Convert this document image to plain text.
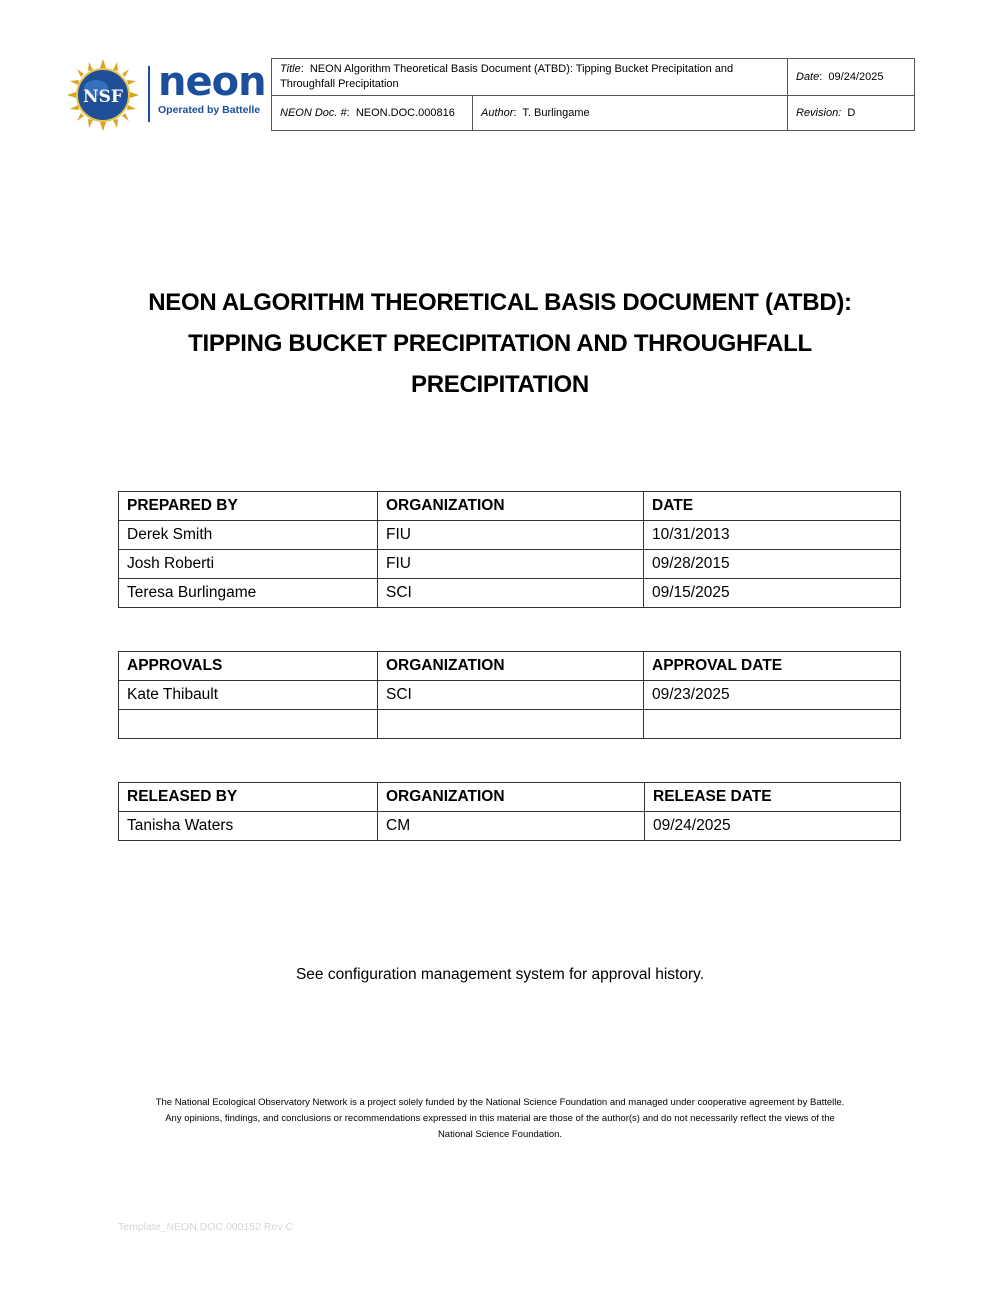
NSF neon
Operated by Battelle
Title:  NEON Algorithm Theoretical Basis Document (ATBD): Tipping Bucket Precipitation and Throughfall Precipitation		Date:  09/24/2025
NEON Doc. #:  NEON.DOC.000816	Author:  T. Burlingame	Revision: D
NEON ALGORITHM THEORETICAL BASIS DOCUMENT (ATBD): TIPPING BUCKET PRECIPITATION AND THROUGHFALL PRECIPITATION
PREPARED BY	ORGANIZATION	DATE
Derek Smith	FIU	10/31/2013
Josh Roberti	FIU	09/28/2015
Teresa Burlingame	SCI	09/15/2025
APPROVALS	ORGANIZATION	APPROVAL DATE
Kate Thibault	SCI	09/23/2025

RELEASED BY	ORGANIZATION	RELEASE DATE
Tanisha Waters	CM	09/24/2025
See configuration management system for approval history.
The National Ecological Observatory Network is a project solely funded by the National Science Foundation and managed under cooperative agreement by Battelle.
Any opinions, findings, and conclusions or recommendations expressed in this material are those of the author(s) and do not necessarily reflect the views of the
National Science Foundation.
Template_NEON.DOC.000152 Rev C
